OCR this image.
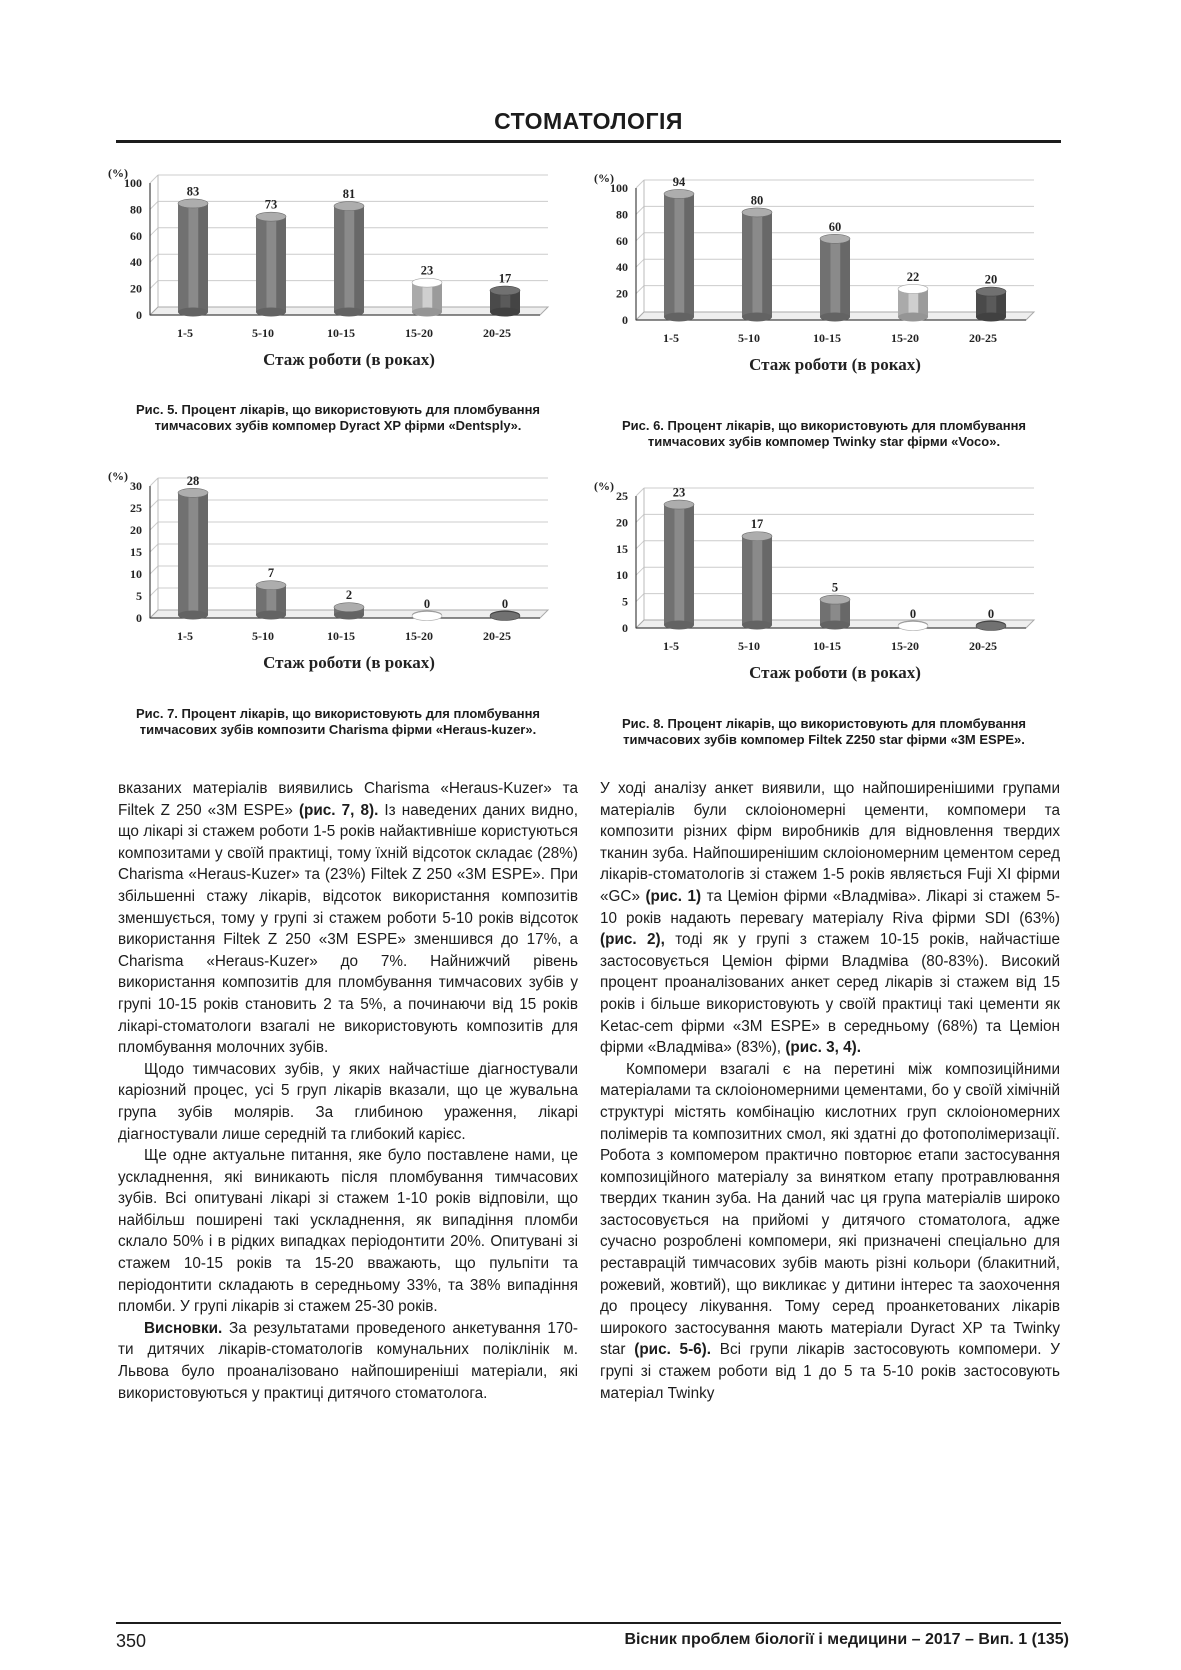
СТОМАТОЛОГІЯ
0
20
40
60
80
100
(%)
83
1-5
73
5-10
81
10-15
23
15-20
17
20-25
Стаж роботи (в роках)
Рис. 5. Процент лікарів, що використовують для пломбування тимчасових зубів компомер Dyract XP фірми «Dentsply».
0
20
40
60
80
100
(%)	94
1-5
80
5-10
60
10-15
22
15-20
20
20-25
Стаж роботи (в роках)
Рис. 6. Процент лікарів, що використовують для пломбування тимчасових зубів компомер Twinky star фірми «Voco».
0
5
10
15
20
25
30
(%)	28
1-5
7
5-10
2
10-15
0
15-20
0
20-25
Стаж роботи (в роках)
Рис. 7. Процент лікарів, що використовують для пломбування тимчасових зубів композити Charisma фірми «Heraus-kuzer».
0
5
10
15
20
25
(%)	23
1-5
17
5-10
5
10-15
0
15-20
0
20-25
Стаж роботи (в роках)
Рис. 8. Процент лікарів, що використовують для пломбування тимчасових зубів компомер Filtek Z250 star фірми «3M ESPE».

вказаних матеріалів виявились Charisma «Heraus-Kuzer» та Filtek Z 250 «3M ESPE» (рис. 7, 8). Із наведених даних видно, що лікарі зі стажем роботи 1-5 років найактивніше користуються композитами у своїй практиці, тому їхній відсоток складає (28%) Charisma «Heraus-Kuzer» та (23%) Filtek Z 250 «3M ESPE». При збільшенні стажу лікарів, відсоток використання композитів зменшується, тому у групі зі стажем роботи 5-10 років відсоток використання Filtek Z 250 «3M ESPE» зменшився до 17%, а Charisma «Heraus-Kuzer» до 7%. Найнижчий рівень використання композитів для пломбування тимчасових зубів у групі 10-15 років становить 2 та 5%, а починаючи від 15 років лікарі-стоматологи взагалі не використовують композитів для пломбування молочних зубів.

Щодо тимчасових зубів, у яких найчастіше діагностували каріозний процес, усі 5 груп лікарів вказали, що це жувальна група зубів молярів. За глибиною ураження, лікарі діагностували лише середній та глибокий карієс.

Ще одне актуальне питання, яке було поставлене нами, це ускладнення, які виникають після пломбування тимчасових зубів. Всі опитувані лікарі зі стажем 1-10 років відповіли, що найбільш поширені такі ускладнення, як випадіння пломби склало 50% і в рідких випадках періодонтити 20%. Опитувані зі стажем 10-15 років та 15-20 вважають, що пульпіти та періодонтити складають в середньому 33%, та 38% випадіння пломби. У групі лікарів зі стажем 25-30 років.

Висновки. За результатами проведеного анкетування 170-ти дитячих лікарів-стоматологів комунальних поліклінік м. Львова було проаналізовано найпоширеніші матеріали, які використовуються у практиці дитячого стоматолога.

У ході аналізу анкет виявили, що найпоширенішими групами матеріалів були склоіономерні цементи, компомери та композити різних фірм виробників для відновлення твердих тканин зуба. Найпоширенішим склоіономерним цементом серед лікарів-стоматологів зі стажем 1-5 років являється Fuji XI фірми «GC» (рис. 1) та Цеміон фірми «Владміва». Лікарі зі стажем 5-10 років надають перевагу матеріалу Riva фірми SDI (63%) (рис. 2), тоді як у групі з стажем 10-15 років, найчастіше застосовується Цеміон фірми Владміва (80-83%). Високий процент проаналізованих анкет серед лікарів зі стажем від 15 років і більше використовують у своїй практиці такі цементи як Ketac-cem фірми «3M ESPE» в середньому (68%) та Цеміон фірми «Владміва» (83%), (рис. 3, 4).

Компомери взагалі є на перетині між композиційними матеріалами та склоіономерними цементами, бо у своїй хімічній структурі містять комбінацію кислотних груп склоіономерних полімерів та композитних смол, які здатні до фотополімеризації. Робота з компомером практично повторює етапи застосування композиційного матеріалу за винятком етапу протравлювання твердих тканин зуба. На даний час ця група матеріалів широко застосовується на прийомі у дитячого стоматолога, адже сучасно розроблені компомери, які призначені спеціально для реставрацій тимчасових зубів мають різні кольори (блакитний, рожевий, жовтий), що викликає у дитини інтерес та заохочення до процесу лікування. Тому серед проанкетованих лікарів широкого застосування мають матеріали Dyract XP та Twinky star (рис. 5-6). Всі групи лікарів застосовують компомери. У групі зі стажем роботи від 1 до 5 та 5-10 років застосовують матеріал Twinky

350	Вісник проблем біології і медицини – 2017 – Вип. 1 (135)
